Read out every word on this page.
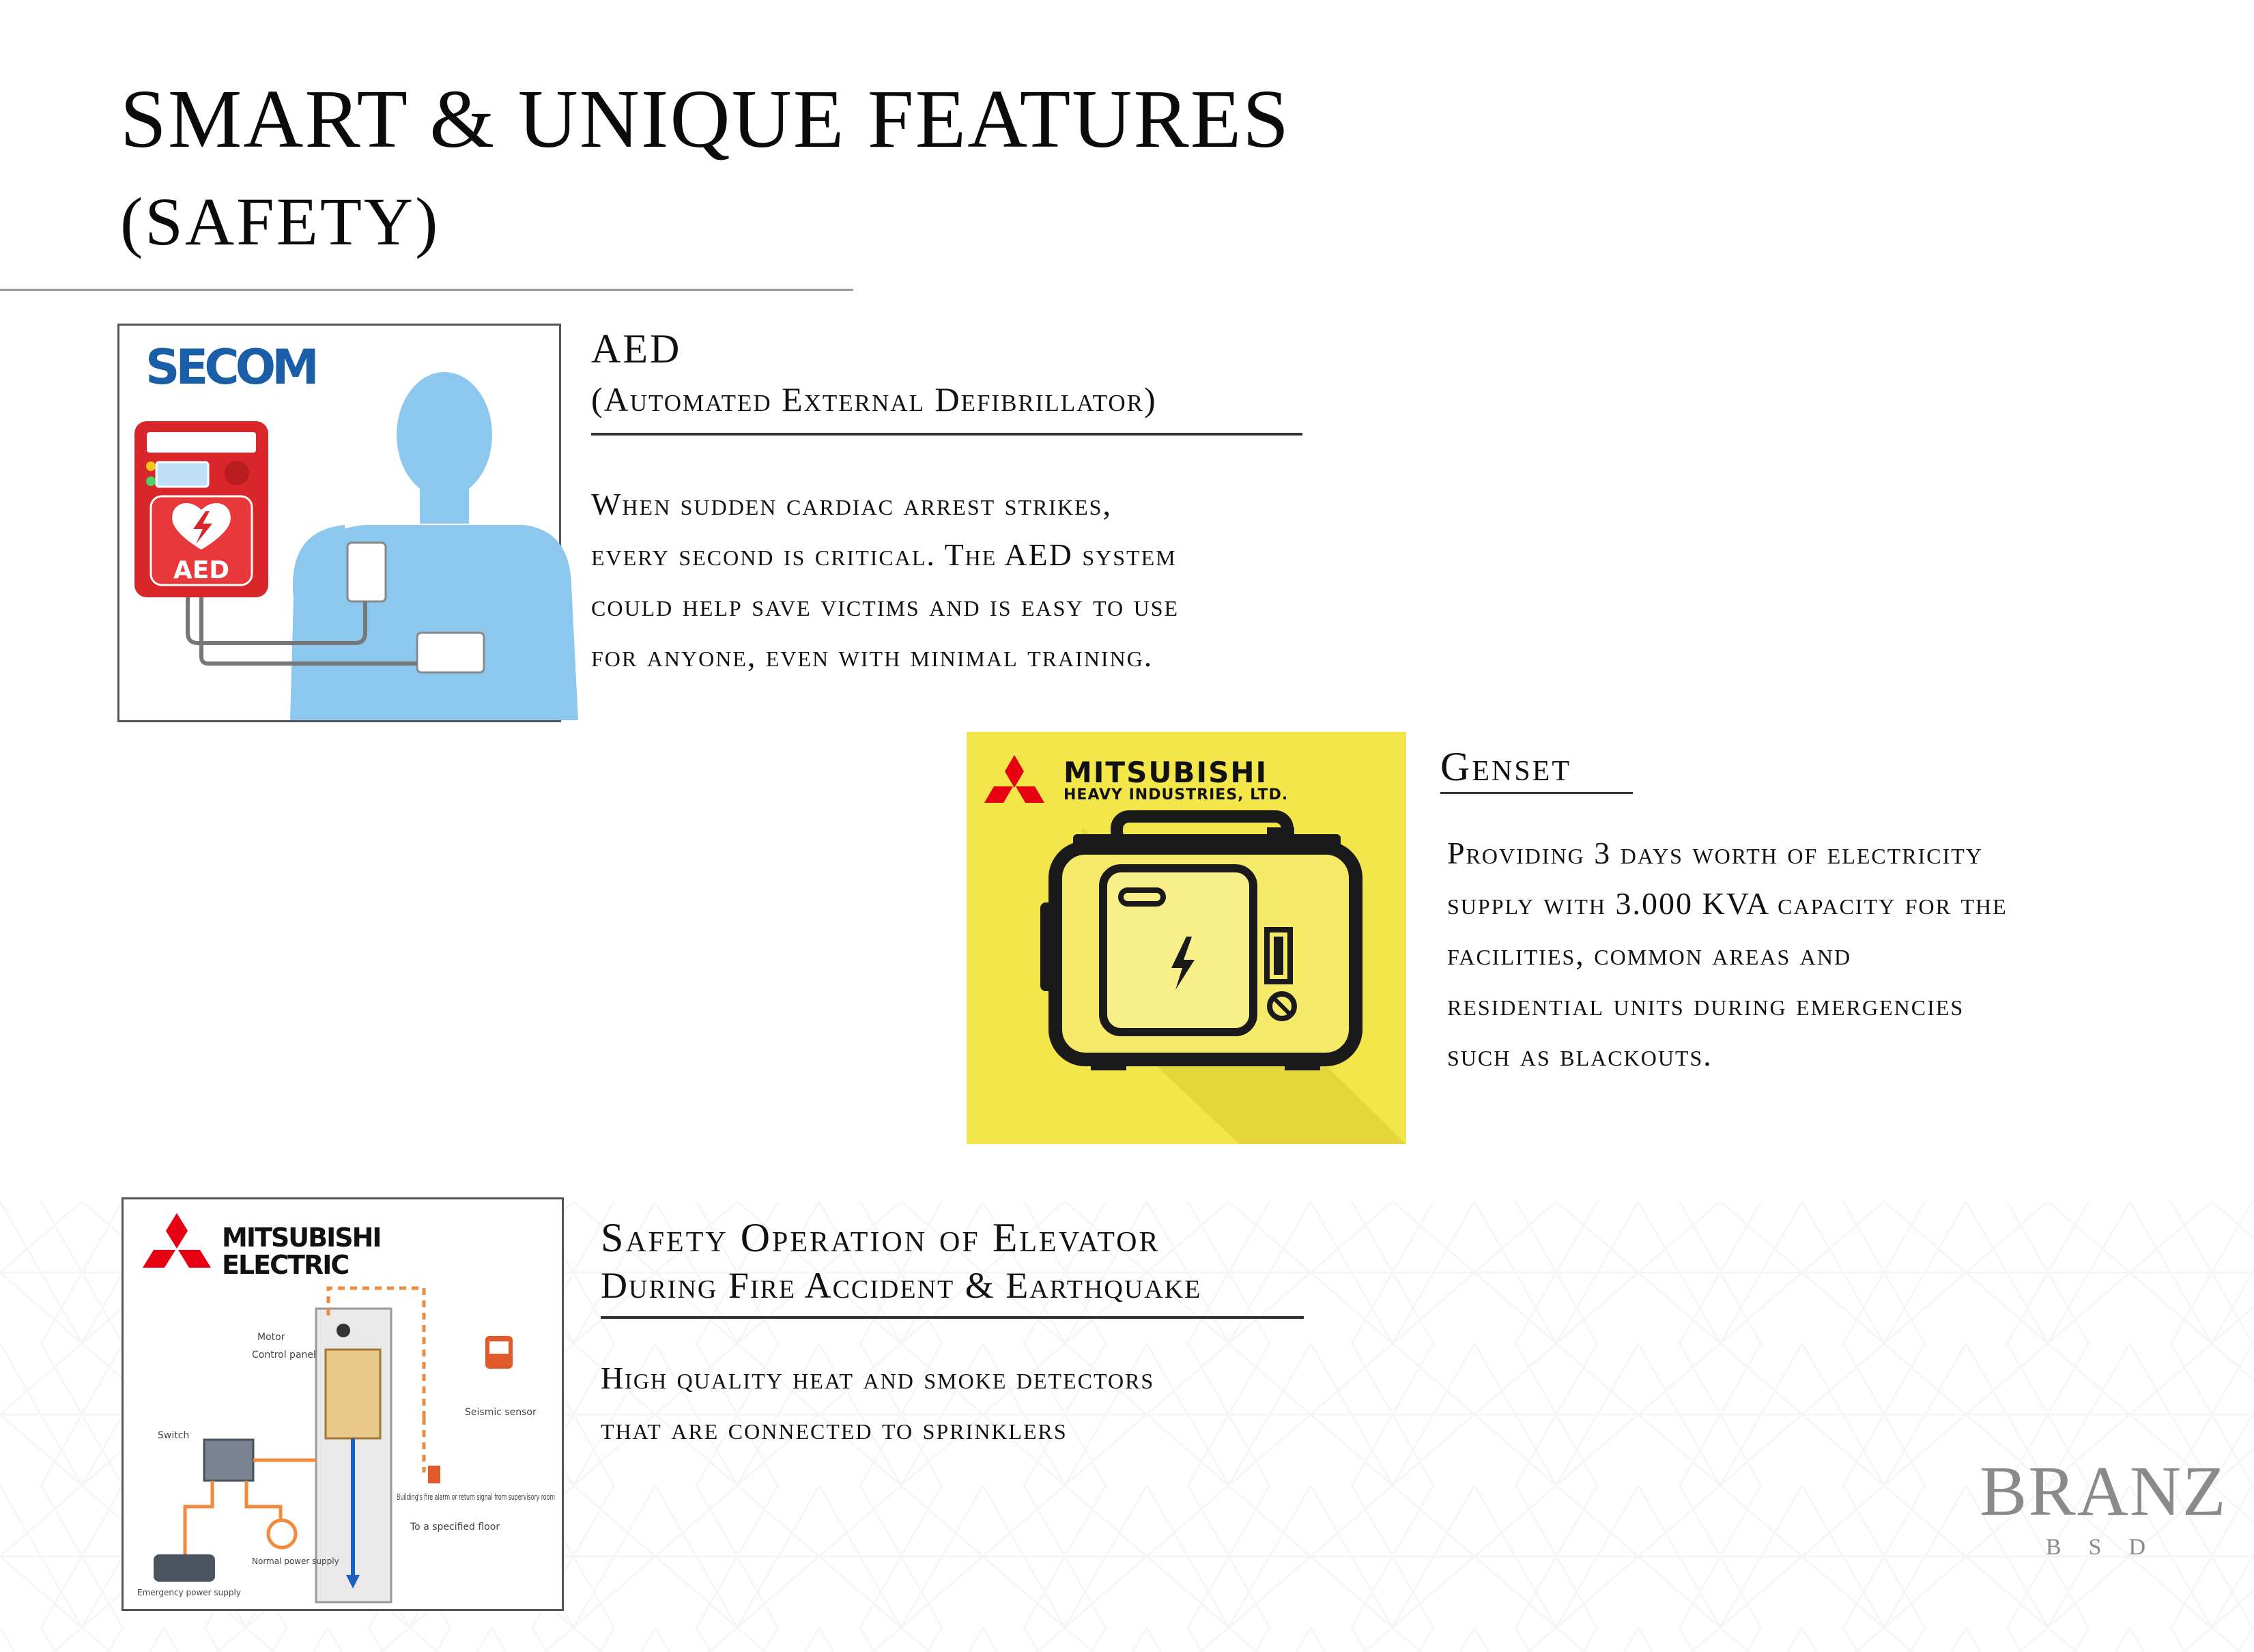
SMART & UNIQUE FEATURES
(SAFETY)
AED
SECOM	AED
(Automated External Defibrillator)
When sudden cardiac arrest strikes,
every second is critical. The AED system
could help save victims and is easy to use
for anyone, even with minimal training.
MITSUBISHI
HEAVY INDUSTRIES, LTD.
Genset
Providing 3 days worth of electricity
supply with 3.000 KVA capacity for the
facilities, common areas and
residential units during emergencies
such as blackouts.
Motor
Control panel
Switch
Seismic sensor
Building's fire alarm or return signal from supervisory room
To a specified floor
Normal power supply
Emergency power supply
MITSUBISHI
ELECTRIC
Safety Operation of Elevator
During Fire Accident & Earthquake
High quality heat and smoke detectors
that are connected to sprinklers
BRANZ
BSD
